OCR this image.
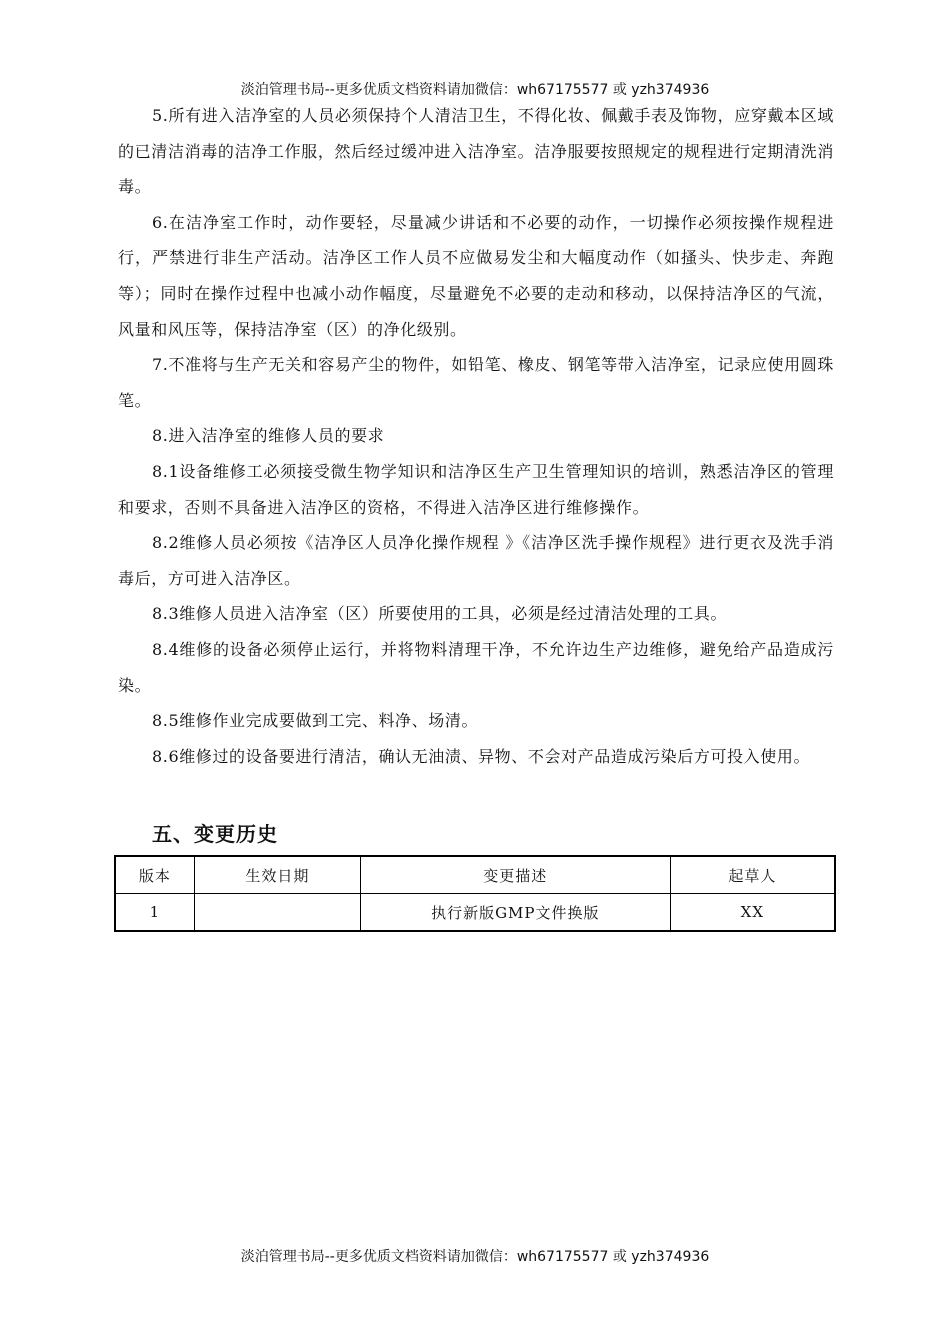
淡泊管理书局--更多优质文档资料请加微信：wh67175577 或 yzh374936

5.所有进入洁净室的人员必须保持个人清洁卫生，不得化妆、佩戴手表及饰物，应穿戴本区域的已清洁消毒的洁净工作服，然后经过缓冲进入洁净室。洁净服要按照规定的规程进行定期清洗消毒。

6.在洁净室工作时，动作要轻，尽量减少讲话和不必要的动作，一切操作必须按操作规程进行，严禁进行非生产活动。洁净区工作人员不应做易发尘和大幅度动作（如搔头、快步走、奔跑等）；同时在操作过程中也减小动作幅度，尽量避免不必要的走动和移动，以保持洁净区的气流，风量和风压等，保持洁净室（区）的净化级别。

7.不准将与生产无关和容易产尘的物件，如铅笔、橡皮、钢笔等带入洁净室，记录应使用圆珠笔。

8.进入洁净室的维修人员的要求

8.1设备维修工必须接受微生物学知识和洁净区生产卫生管理知识的培训，熟悉洁净区的管理和要求，否则不具备进入洁净区的资格，不得进入洁净区进行维修操作。

8.2维修人员必须按《洁净区人员净化操作规程 》《洁净区洗手操作规程》进行更衣及洗手消毒后，方可进入洁净区。

8.3维修人员进入洁净室（区）所要使用的工具，必须是经过清洁处理的工具。

8.4维修的设备必须停止运行，并将物料清理干净，不允许边生产边维修，避免给产品造成污染。

8.5维修作业完成要做到工完、料净、场清。

8.6维修过的设备要进行清洁，确认无油渍、异物、不会对产品造成污染后方可投入使用。

五、变更历史
版本	生效日期	变更描述	起草人
1		执行新版GMP文件换版	XX
淡泊管理书局--更多优质文档资料请加微信：wh67175577 或 yzh374936
